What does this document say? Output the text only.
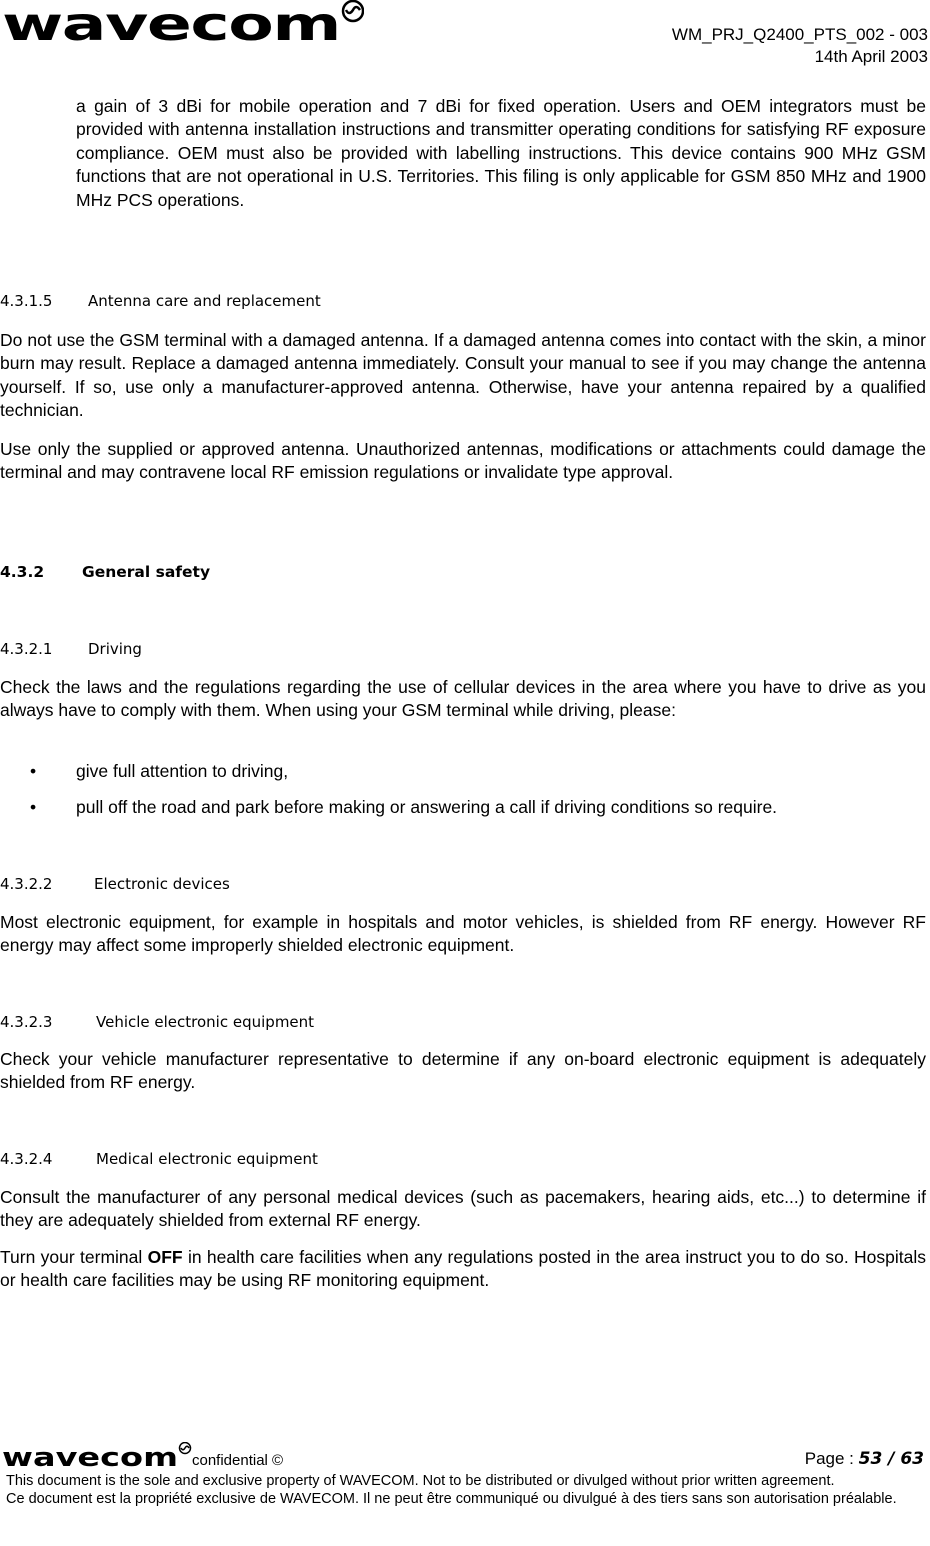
wavecom	WM_PRJ_Q2400_PTS_002 - 003
14th April 2003

a gain of 3 dBi for mobile operation and 7 dBi for fixed operation. Users and OEM integrators must be provided with antenna installation instructions and transmitter operating conditions for satisfying RF exposure compliance. OEM must also be provided with labelling instructions. This device contains 900 MHz GSM functions that are not operational in U.S. Territories. This filing is only applicable for GSM 850 MHz and 1900 MHz PCS operations.

4.3.1.5 Antenna care and replacement

Do not use the GSM terminal with a damaged antenna. If a damaged antenna comes into contact with the skin, a minor burn may result. Replace a damaged antenna immediately. Consult your manual to see if you may change the antenna yourself. If so, use only a manufacturer-approved antenna. Otherwise, have your antenna repaired by a qualified technician.

Use only the supplied or approved antenna. Unauthorized antennas, modifications or attachments could damage the terminal and may contravene local RF emission regulations or invalidate type approval.

4.3.2 General safety
4.3.2.1 Driving

Check the laws and the regulations regarding the use of cellular devices in the area where you have to drive as you always have to comply with them. When using your GSM terminal while driving, please:

• give full attention to driving,
• pull off the road and park before making or answering a call if driving conditions so require.
4.3.2.2	Electronic devices

Most electronic equipment, for example in hospitals and motor vehicles, is shielded from RF energy. However RF energy may affect some improperly shielded electronic equipment.

4.3.2.3	Vehicle electronic equipment

Check your vehicle manufacturer representative to determine if any on-board electronic equipment is adequately shielded from RF energy.

4.3.2.4	Medical electronic equipment

Consult the manufacturer of any personal medical devices (such as pacemakers, hearing aids, etc...) to determine if they are adequately shielded from external RF energy.

Turn your terminal OFF in health care facilities when any regulations posted in the area instruct you to do so. Hospitals or health care facilities may be using RF monitoring equipment.

wavecom confidential ©	Page : 53 / 63

This document is the sole and exclusive property of WAVECOM. Not to be distributed or divulged without prior written agreement.

Ce document est la propriété exclusive de WAVECOM. Il ne peut être communiqué ou divulgué à des tiers sans son autorisation préalable.
